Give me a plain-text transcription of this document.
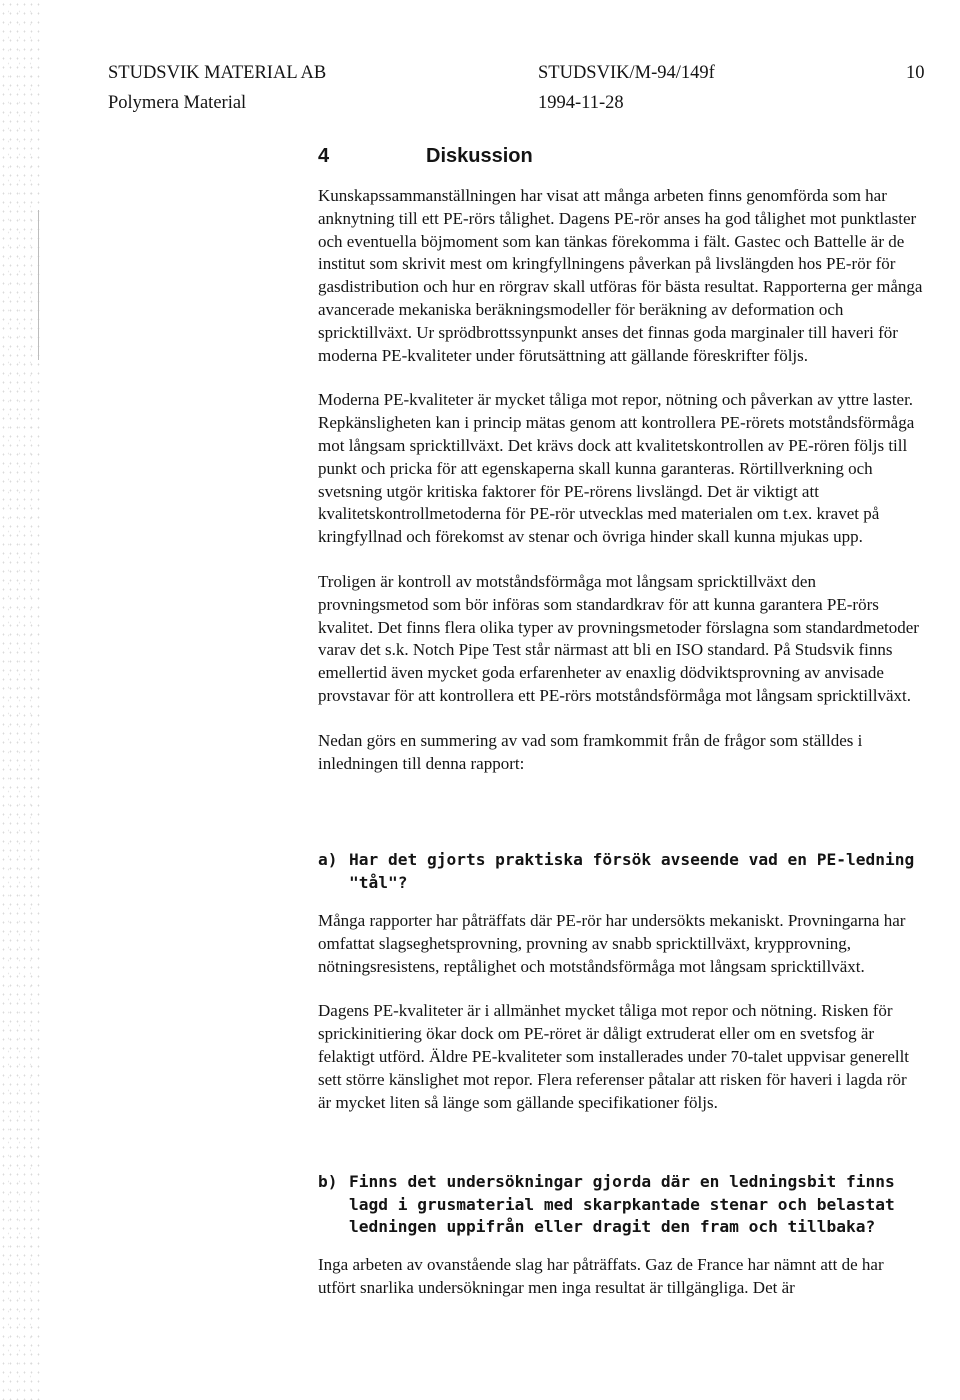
STUDSVIK MATERIAL AB
Polymera Material
STUDSVIK/M-94/149f
1994-11-28
10
4	Diskussion

Kunskapssammanställningen har visat att många arbeten finns genomförda som har anknytning till ett PE-rörs tålighet. Dagens PE-rör anses ha god tålighet mot punktlaster och eventuella böjmoment som kan tänkas förekomma i fält. Gastec och Battelle är de institut som skrivit mest om kringfyllningens påverkan på livslängden hos PE-rör för gasdistribution och hur en rörgrav skall utföras för bästa resultat. Rapporterna ger många avancerade mekaniska beräkningsmodeller för beräkning av deformation och spricktillväxt. Ur sprödbrottssynpunkt anses det finnas goda marginaler till haveri för moderna PE-kvaliteter under förutsättning att gällande föreskrifter följs.

Moderna PE-kvaliteter är mycket tåliga mot repor, nötning och påverkan av yttre laster. Repkänsligheten kan i princip mätas genom att kontrollera PE-rörets motståndsförmåga mot långsam spricktillväxt. Det krävs dock att kvalitetskontrollen av PE-rören följs till punkt och pricka för att egenskaperna skall kunna garanteras. Rörtillverkning och svetsning utgör kritiska faktorer för PE-rörens livslängd. Det är viktigt att kvalitetskontrollmetoderna för PE-rör utvecklas med materialen om t.ex. kravet på kringfyllnad och förekomst av stenar och övriga hinder skall kunna mjukas upp.

Troligen är kontroll av motståndsförmåga mot långsam spricktillväxt den provningsmetod som bör införas som standardkrav för att kunna garantera PE-rörs kvalitet. Det finns flera olika typer av provningsmetoder förslagna som standardmetoder varav det s.k. Notch Pipe Test står närmast att bli en ISO standard. På Studsvik finns emellertid även mycket goda erfarenheter av enaxlig dödviktsprovning av anvisade provstavar för att kontrollera ett PE-rörs motståndsförmåga mot långsam spricktillväxt.

Nedan görs en summering av vad som framkommit från de frågor som ställdes i inledningen till denna rapport:

a) Har det gjorts praktiska försök avseende vad en PE-ledning "tål"?

Många rapporter har påträffats där PE-rör har undersökts mekaniskt. Provningarna har omfattat slagseghetsprovning, provning av snabb spricktillväxt, krypprovning, nötningsresistens, reptålighet och motståndsförmåga mot långsam spricktillväxt.

Dagens PE-kvaliteter är i allmänhet mycket tåliga mot repor och nötning. Risken för sprickinitiering ökar dock om PE-röret är dåligt extruderat eller om en svetsfog är felaktigt utförd. Äldre PE-kvaliteter som installerades under 70-talet uppvisar generellt sett större känslighet mot repor. Flera referenser påtalar att risken för haveri i lagda rör är mycket liten så länge som gällande specifikationer följs.

b) Finns det undersökningar gjorda där en ledningsbit finns lagd i grusmaterial med skarpkantade stenar och belastat ledningen uppifrån eller dragit den fram och tillbaka?

Inga arbeten av ovanstående slag har påträffats. Gaz de France har nämnt att de har utfört snarlika undersökningar men inga resultat är tillgängliga. Det är
